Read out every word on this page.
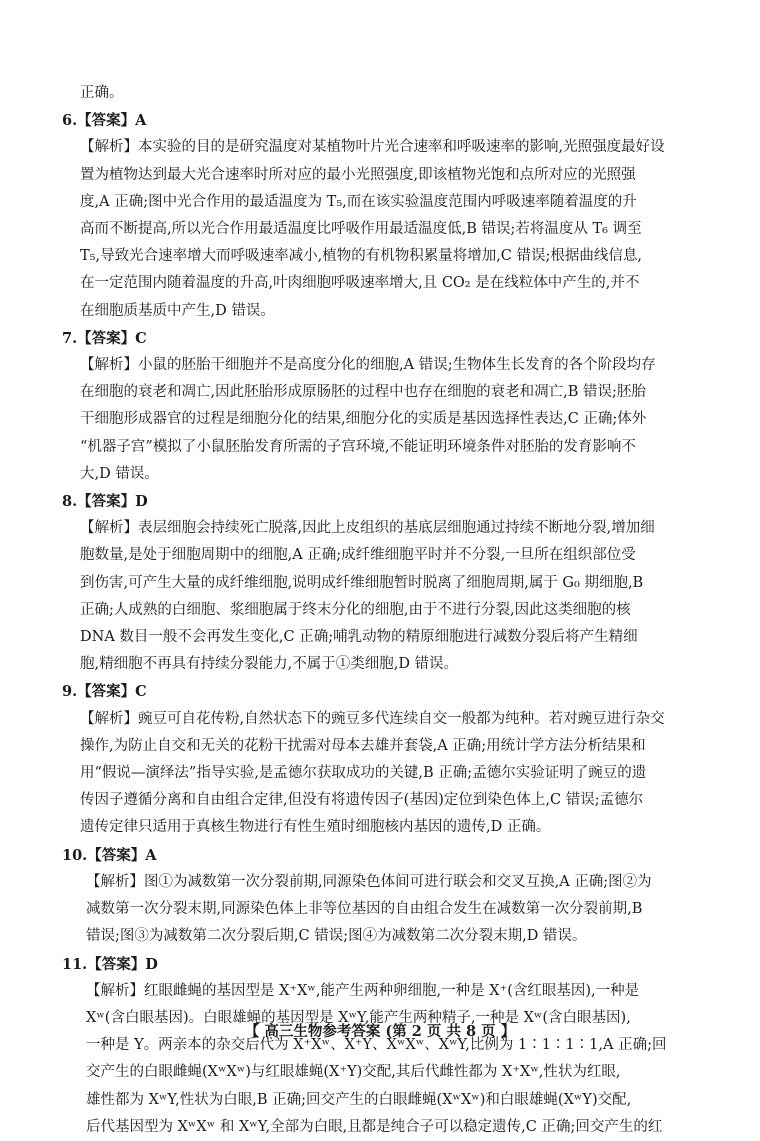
正确。
6.【答案】A
【解析】本实验的目的是研究温度对某植物叶片光合速率和呼吸速率的影响,光照强度最好设
置为植物达到最大光合速率时所对应的最小光照强度,即该植物光饱和点所对应的光照强
度,A 正确;图中光合作用的最适温度为 T₅,而在该实验温度范围内呼吸速率随着温度的升
高而不断提高,所以光合作用最适温度比呼吸作用最适温度低,B 错误;若将温度从 T₆ 调至
T₅,导致光合速率增大而呼吸速率减小,植物的有机物积累量将增加,C 错误;根据曲线信息,
在一定范围内随着温度的升高,叶肉细胞呼吸速率增大,且 CO₂ 是在线粒体中产生的,并不
在细胞质基质中产生,D 错误。
7.【答案】C
【解析】小鼠的胚胎干细胞并不是高度分化的细胞,A 错误;生物体生长发育的各个阶段均存
在细胞的衰老和凋亡,因此胚胎形成原肠胚的过程中也存在细胞的衰老和凋亡,B 错误;胚胎
干细胞形成器官的过程是细胞分化的结果,细胞分化的实质是基因选择性表达,C 正确;体外
“机器子宫”模拟了小鼠胚胎发育所需的子宫环境,不能证明环境条件对胚胎的发育影响不
大,D 错误。
8.【答案】D
【解析】表层细胞会持续死亡脱落,因此上皮组织的基底层细胞通过持续不断地分裂,增加细
胞数量,是处于细胞周期中的细胞,A 正确;成纤维细胞平时并不分裂,一旦所在组织部位受
到伤害,可产生大量的成纤维细胞,说明成纤维细胞暂时脱离了细胞周期,属于 G₀ 期细胞,B
正确;人成熟的白细胞、浆细胞属于终末分化的细胞,由于不进行分裂,因此这类细胞的核
DNA 数目一般不会再发生变化,C 正确;哺乳动物的精原细胞进行减数分裂后将产生精细
胞,精细胞不再具有持续分裂能力,不属于①类细胞,D 错误。
9.【答案】C
【解析】豌豆可自花传粉,自然状态下的豌豆多代连续自交一般都为纯种。若对豌豆进行杂交
操作,为防止自交和无关的花粉干扰需对母本去雄并套袋,A 正确;用统计学方法分析结果和
用“假说—演绎法”指导实验,是孟德尔获取成功的关键,B 正确;孟德尔实验证明了豌豆的遗
传因子遵循分离和自由组合定律,但没有将遗传因子(基因)定位到染色体上,C 错误;孟德尔
遗传定律只适用于真核生物进行有性生殖时细胞核内基因的遗传,D 正确。
10.【答案】A
【解析】图①为减数第一次分裂前期,同源染色体间可进行联会和交叉互换,A 正确;图②为
减数第一次分裂末期,同源染色体上非等位基因的自由组合发生在减数第一次分裂前期,B
错误;图③为减数第二次分裂后期,C 错误;图④为减数第二次分裂末期,D 错误。
11.【答案】D
【解析】红眼雌蝇的基因型是 X⁺Xʷ,能产生两种卵细胞,一种是 X⁺(含红眼基因),一种是
Xʷ(含白眼基因)。白眼雄蝇的基因型是 XʷY,能产生两种精子,一种是 Xʷ(含白眼基因),
一种是 Y。两亲本的杂交后代为 X⁺Xʷ、X⁺Y、XʷXʷ、XʷY,比例为 1∶1∶1∶1,A 正确;回
交产生的白眼雌蝇(XʷXʷ)与红眼雄蝇(X⁺Y)交配,其后代雌性都为 X⁺Xʷ,性状为红眼,
雄性都为 XʷY,性状为白眼,B 正确;回交产生的白眼雌蝇(XʷXʷ)和白眼雄蝇(XʷY)交配,
后代基因型为 XʷXʷ 和 XʷY,全部为白眼,且都是纯合子可以稳定遗传,C 正确;回交产生的红
【 高三生物参考答案 (第 2 页 共 8 页 】
